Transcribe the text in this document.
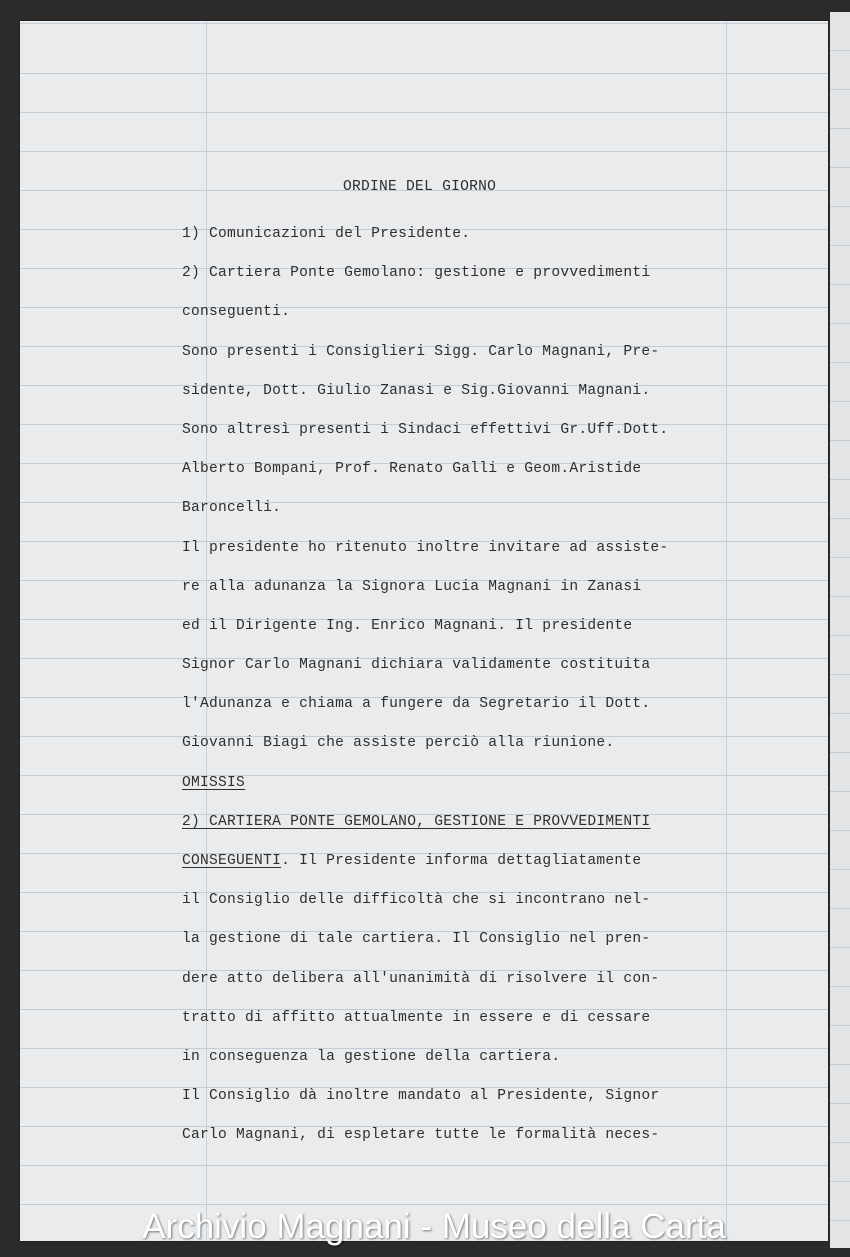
ORDINE DEL GIORNO
1) Comunicazioni del Presidente.
2) Cartiera Ponte Gemolano: gestione e provvedimenti
conseguenti.
Sono presenti i Consiglieri Sigg. Carlo Magnani, Pre-
sidente, Dott. Giulio Zanasi e Sig.Giovanni Magnani.
Sono altresì presenti i Sindaci effettivi Gr.Uff.Dott.
Alberto Bompani, Prof. Renato Galli e Geom.Aristide
Baroncelli.
Il presidente ho ritenuto inoltre invitare ad assiste-
re alla adunanza la Signora Lucia Magnani in Zanasi
ed il Dirigente Ing. Enrico Magnani. Il presidente
Signor Carlo Magnani dichiara validamente costituita
l'Adunanza e chiama a fungere da Segretario il Dott.
Giovanni Biagi che assiste perciò alla riunione.
OMISSIS
2) CARTIERA PONTE GEMOLANO, GESTIONE E PROVVEDIMENTI
CONSEGUENTI. Il Presidente informa dettagliatamente
il Consiglio delle difficoltà che si incontrano nel-
la gestione di tale cartiera. Il Consiglio nel pren-
dere atto delibera all'unanimità di risolvere il con-
tratto di affitto attualmente in essere e di cessare
in conseguenza la gestione della cartiera.
Il Consiglio dà inoltre mandato al Presidente, Signor
Carlo Magnani, di espletare tutte le formalità neces-
Archivio Magnani - Museo della Carta
